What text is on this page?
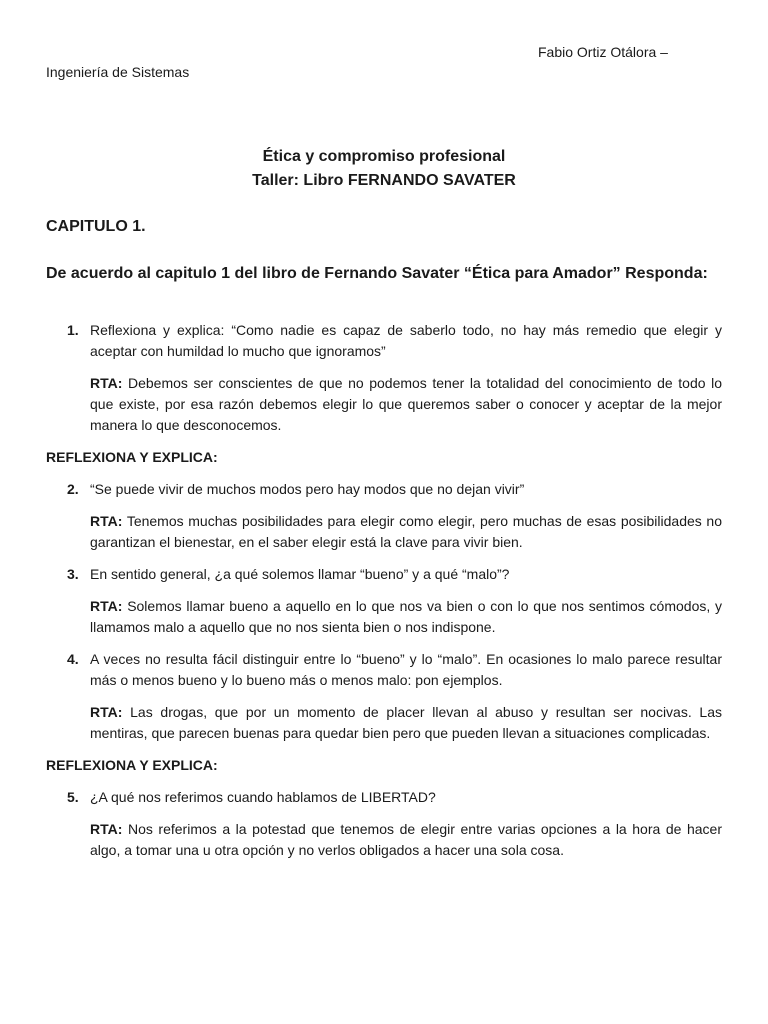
Fabio Ortiz Otálora –
Ingeniería de Sistemas
Ética y compromiso profesional
Taller: Libro FERNANDO SAVATER
CAPITULO 1.
De acuerdo al capitulo 1 del libro de Fernando Savater “Ética para Amador” Responda:
1. Reflexiona y explica: “Como nadie es capaz de saberlo todo, no hay más remedio que elegir y aceptar con humildad lo mucho que ignoramos”
RTA: Debemos ser conscientes de que no podemos tener la totalidad del conocimiento de todo lo que existe, por esa razón debemos elegir lo que queremos saber o conocer y aceptar de la mejor manera lo que desconocemos.
REFLEXIONA Y EXPLICA:
2. “Se puede vivir de muchos modos pero hay modos que no dejan vivir”
RTA: Tenemos muchas posibilidades para elegir como elegir, pero muchas de esas posibilidades no garantizan el bienestar, en el saber elegir está la clave para vivir bien.
3. En sentido general, ¿a qué solemos llamar “bueno” y a qué “malo”?
RTA: Solemos llamar bueno a aquello en lo que nos va bien o con lo que nos sentimos cómodos, y llamamos malo a aquello que no nos sienta bien o nos indispone.
4. A veces no resulta fácil distinguir entre lo “bueno” y lo “malo”. En ocasiones lo malo parece resultar más o menos bueno y lo bueno más o menos malo: pon ejemplos.
RTA: Las drogas, que por un momento de placer llevan al abuso y resultan ser nocivas. Las mentiras, que parecen buenas para quedar bien pero que pueden llevan a situaciones complicadas.
REFLEXIONA Y EXPLICA:
5. ¿A qué nos referimos cuando hablamos de LIBERTAD?
RTA: Nos referimos a la potestad que tenemos de elegir entre varias opciones a la hora de hacer algo, a tomar una u otra opción y no verlos obligados a hacer una sola cosa.
